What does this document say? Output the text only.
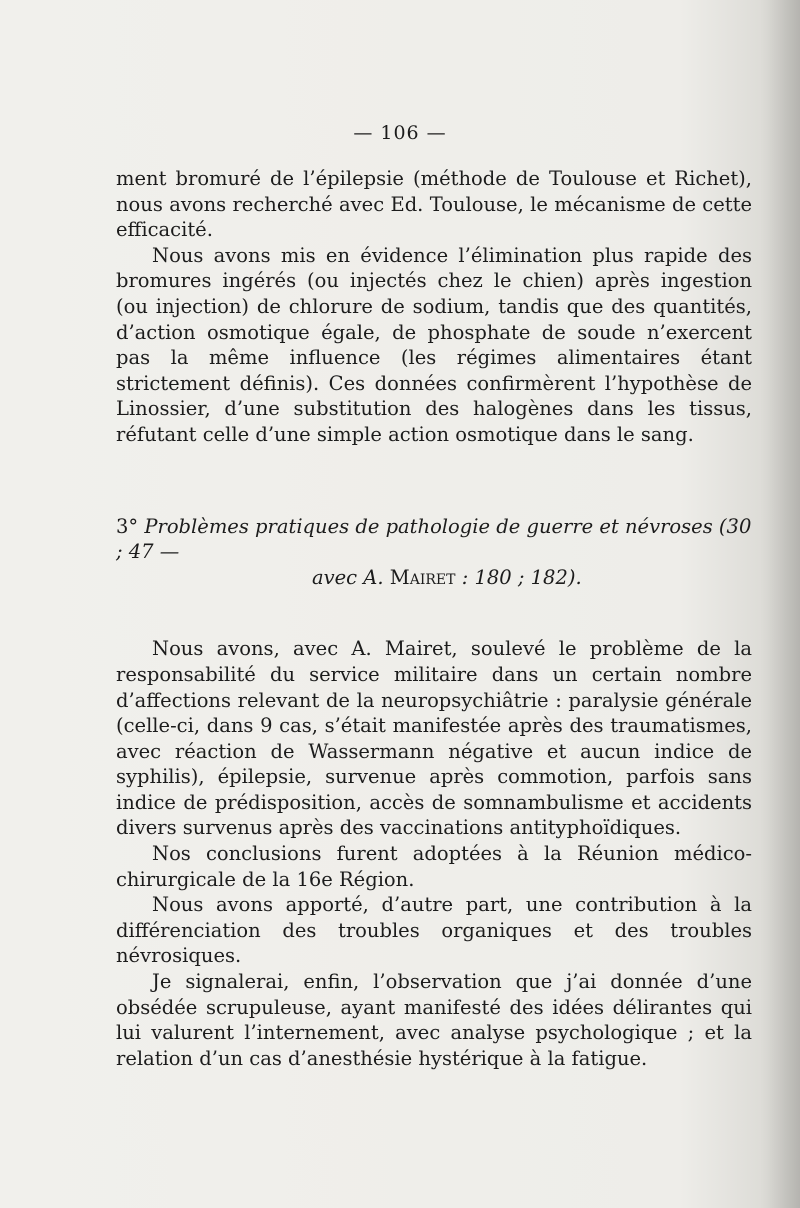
— 106 —

ment bromuré de l’épilepsie (méthode de Toulouse et Richet), nous avons recherché avec Ed. Toulouse, le mécanisme de cette efficacité.

Nous avons mis en évidence l’élimination plus rapide des bromures ingérés (ou injectés chez le chien) après ingestion (ou injection) de chlorure de sodium, tandis que des quantités, d’action osmotique égale, de phosphate de soude n’exercent pas la même influence (les régimes alimentaires étant strictement définis). Ces données confirmèrent l’hypothèse de Linossier, d’une substitution des halogènes dans les tissus, réfutant celle d’une simple action osmotique dans le sang.

3° Problèmes pratiques de pathologie de guerre et névroses (30 ; 47 —
avec A. Mairet : 180 ; 182).

Nous avons, avec A. Mairet, soulevé le problème de la responsabilité du service militaire dans un certain nombre d’affections relevant de la neuropsychiâtrie : paralysie générale (celle-ci, dans 9 cas, s’était manifestée après des traumatismes, avec réaction de Wassermann négative et aucun indice de syphilis), épilepsie, survenue après commotion, parfois sans indice de prédisposition, accès de somnambulisme et accidents divers survenus après des vaccinations antityphoïdiques.

Nos conclusions furent adoptées à la Réunion médico-chirurgicale de la 16e Région.

Nous avons apporté, d’autre part, une contribution à la différenciation des troubles organiques et des troubles névrosiques.

Je signalerai, enfin, l’observation que j’ai donnée d’une obsédée scrupuleuse, ayant manifesté des idées délirantes qui lui valurent l’internement, avec analyse psychologique ; et la relation d’un cas d’anesthésie hystérique à la fatigue.
